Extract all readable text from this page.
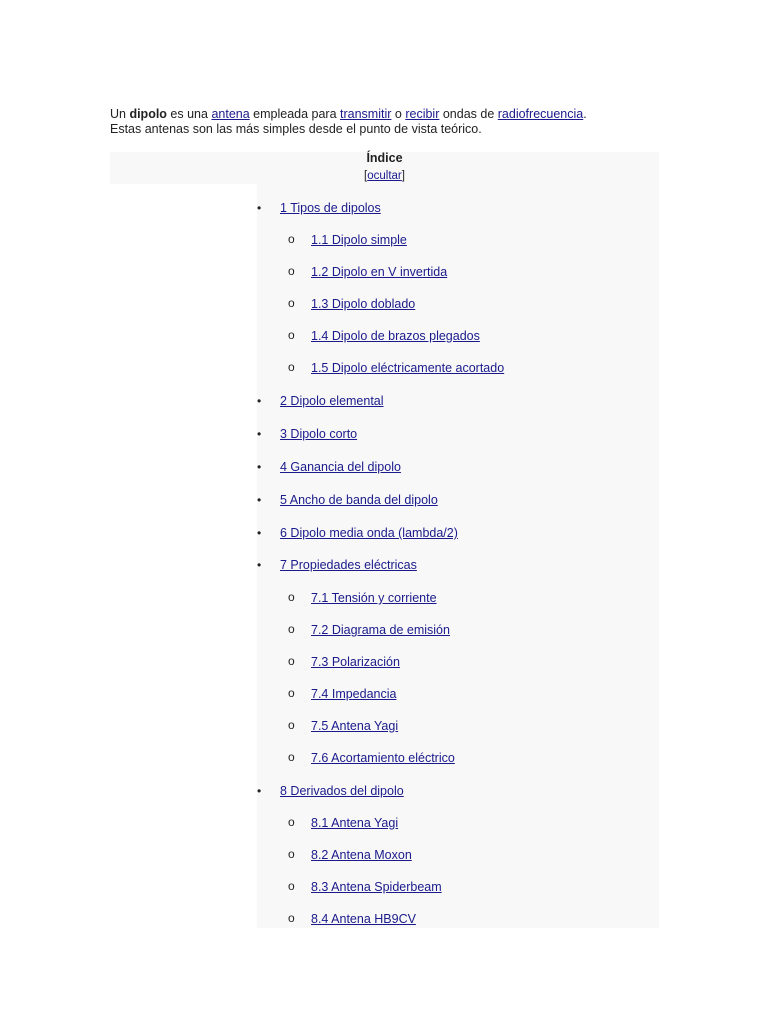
Un dipolo es una antena empleada para transmitir o recibir ondas de radiofrecuencia.
Estas antenas son las más simples desde el punto de vista teórico.
Índice
[ocultar]
• 1 Tipos de dipolos
o 1.1 Dipolo simple
o 1.2 Dipolo en V invertida
o 1.3 Dipolo doblado
o 1.4 Dipolo de brazos plegados
o 1.5 Dipolo eléctricamente acortado
• 2 Dipolo elemental
• 3 Dipolo corto
• 4 Ganancia del dipolo
• 5 Ancho de banda del dipolo
• 6 Dipolo media onda (lambda/2)
• 7 Propiedades eléctricas
o 7.1 Tensión y corriente
o 7.2 Diagrama de emisión
o 7.3 Polarización
o 7.4 Impedancia
o 7.5 Antena Yagi
o 7.6 Acortamiento eléctrico
• 8 Derivados del dipolo
o 8.1 Antena Yagi
o 8.2 Antena Moxon
o 8.3 Antena Spiderbeam
o 8.4 Antena HB9CV
